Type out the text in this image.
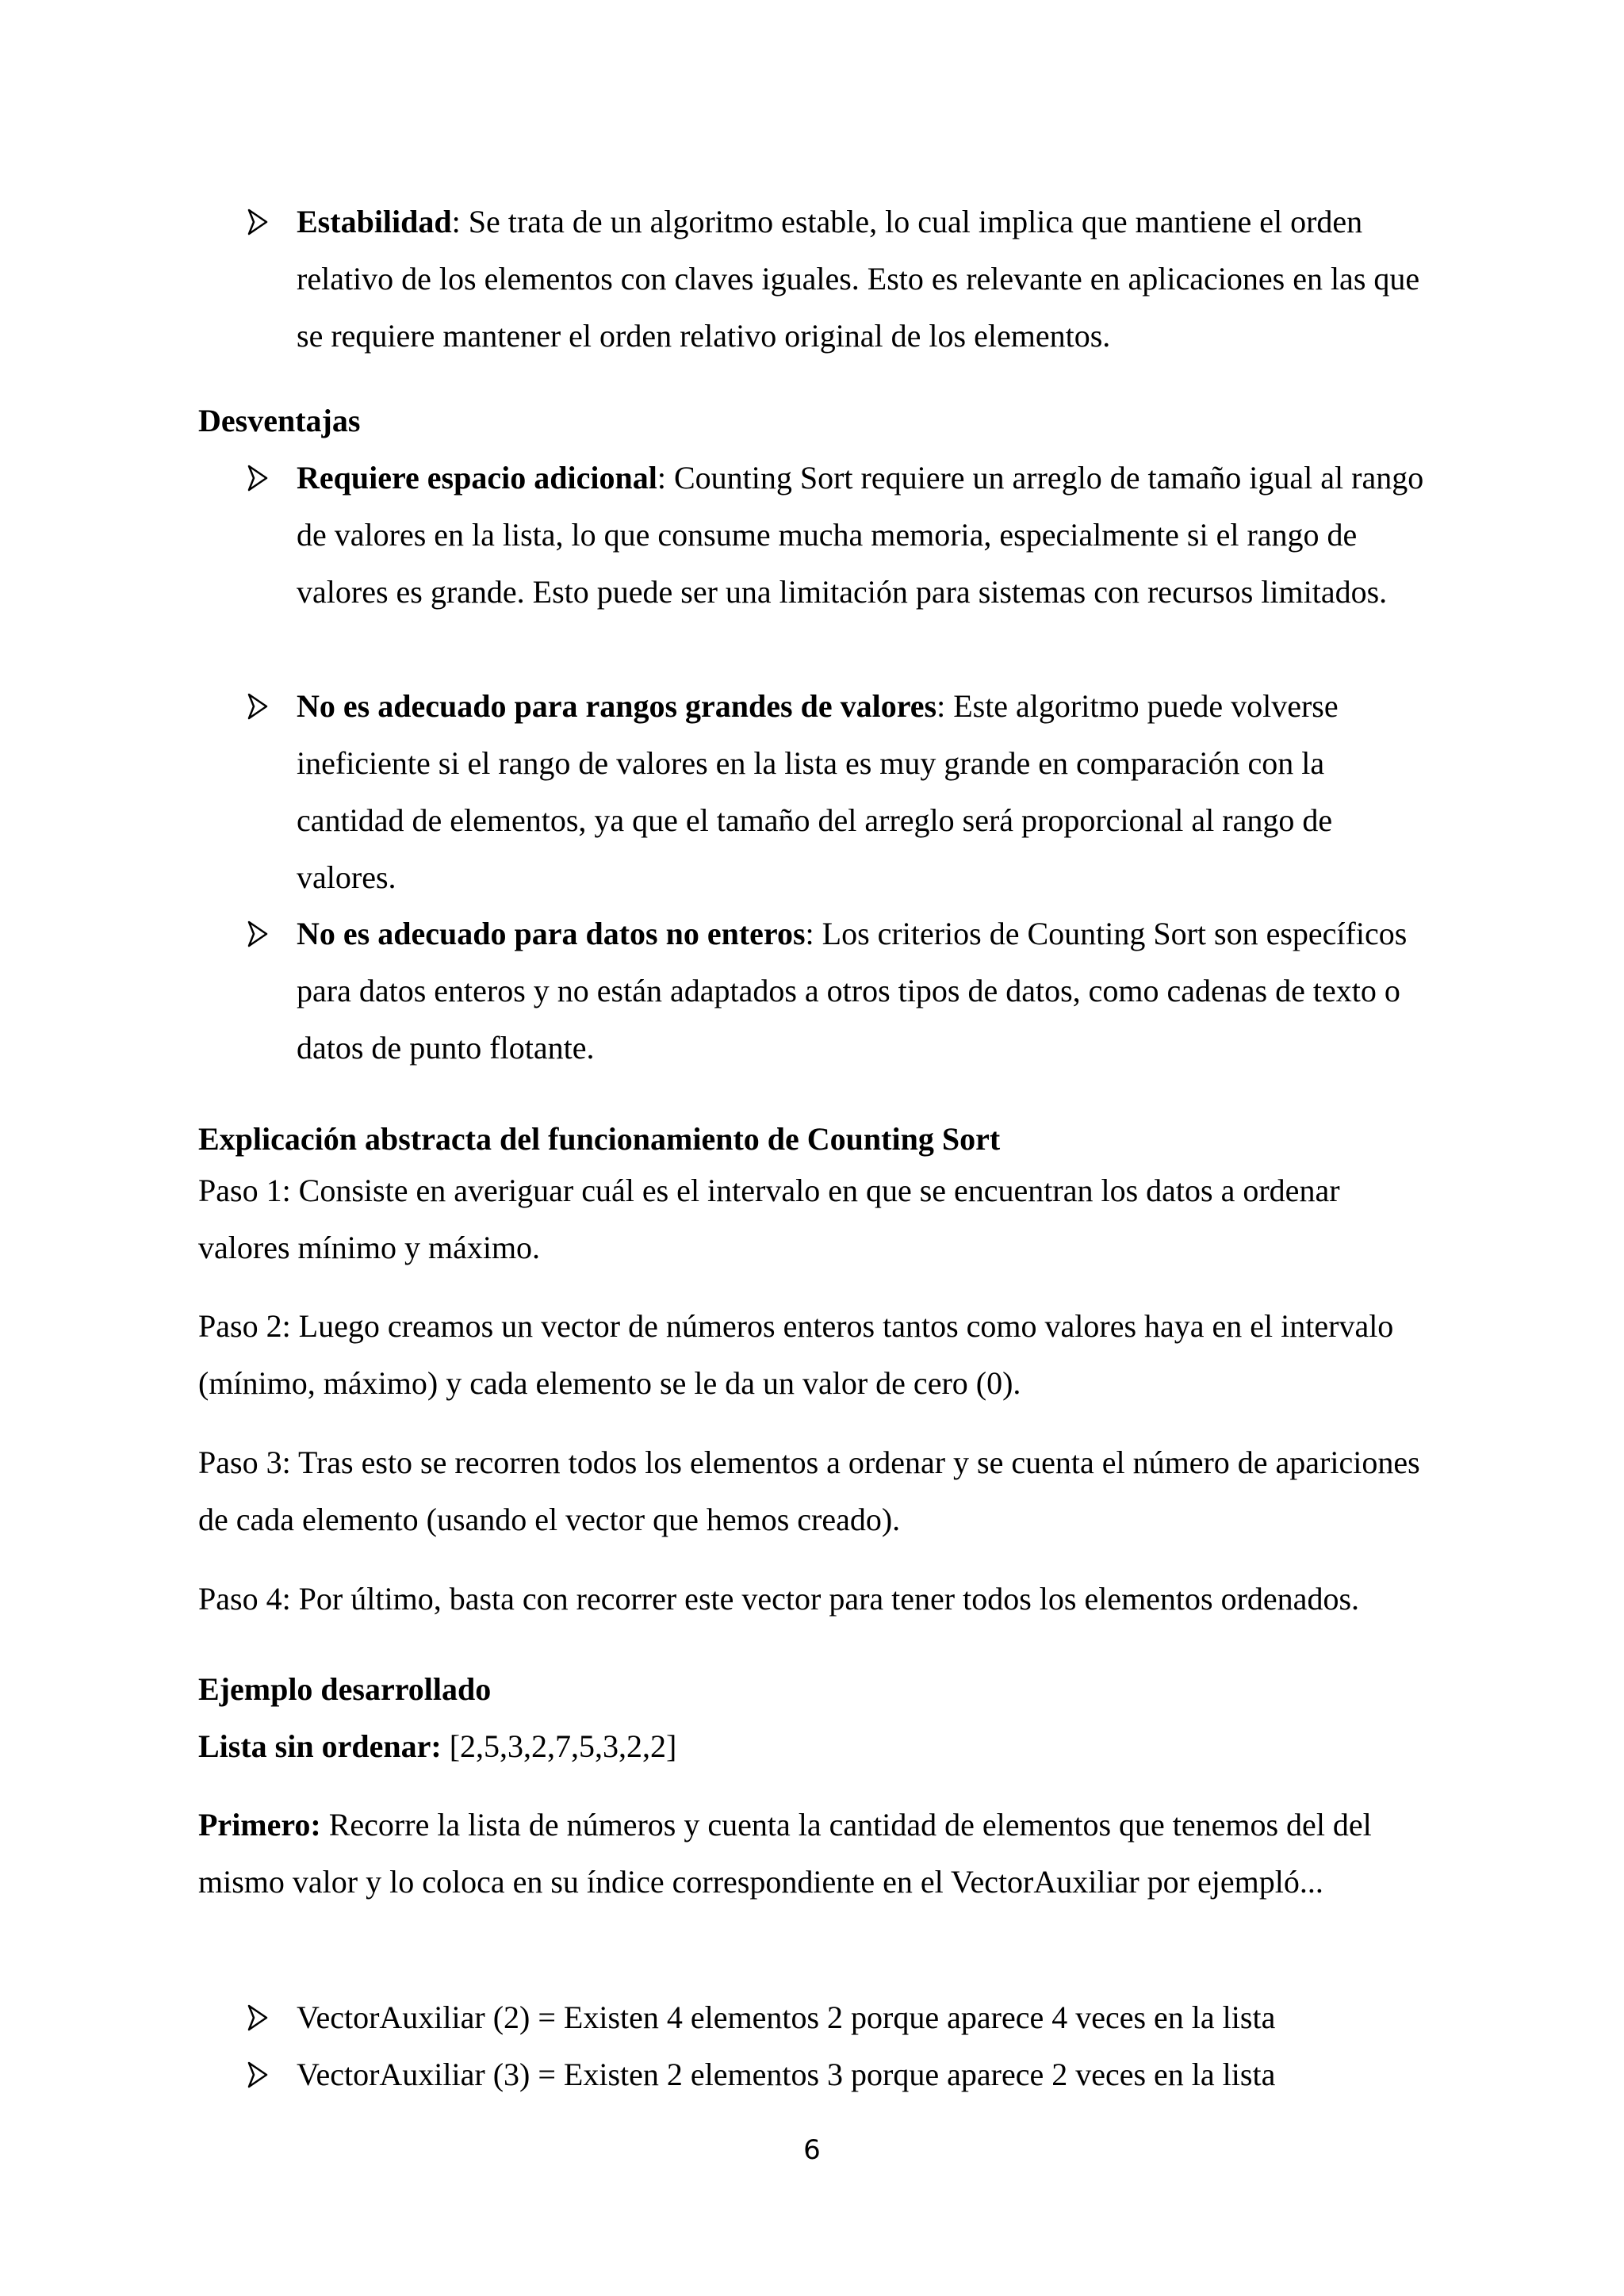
Estabilidad: Se trata de un algoritmo estable, lo cual implica que mantiene el orden relativo de los elementos con claves iguales. Esto es relevante en aplicaciones en las que se requiere mantener el orden relativo original de los elementos.
Desventajas
Requiere espacio adicional: Counting Sort requiere un arreglo de tamaño igual al rango de valores en la lista, lo que consume mucha memoria, especialmente si el rango de valores es grande. Esto puede ser una limitación para sistemas con recursos limitados.
No es adecuado para rangos grandes de valores: Este algoritmo puede volverse ineficiente si el rango de valores en la lista es muy grande en comparación con la cantidad de elementos, ya que el tamaño del arreglo será proporcional al rango de valores.
No es adecuado para datos no enteros: Los criterios de Counting Sort son específicos para datos enteros y no están adaptados a otros tipos de datos, como cadenas de texto o datos de punto flotante.
Explicación abstracta del funcionamiento de Counting Sort
Paso 1: Consiste en averiguar cuál es el intervalo en que se encuentran los datos a ordenar valores mínimo y máximo.
Paso 2: Luego creamos un vector de números enteros tantos como valores haya en el intervalo (mínimo, máximo) y cada elemento se le da un valor de cero (0).
Paso 3: Tras esto se recorren todos los elementos a ordenar y se cuenta el número de apariciones de cada elemento (usando el vector que hemos creado).
Paso 4: Por último, basta con recorrer este vector para tener todos los elementos ordenados.
Ejemplo desarrollado
Lista sin ordenar: [2,5,3,2,7,5,3,2,2]
Primero: Recorre la lista de números y cuenta la cantidad de elementos que tenemos del del mismo valor y lo coloca en su índice correspondiente en el VectorAuxiliar por ejempló...
VectorAuxiliar (2) = Existen 4 elementos 2 porque aparece 4 veces en la lista
VectorAuxiliar (3) = Existen 2 elementos 3 porque aparece 2 veces en la lista
6
